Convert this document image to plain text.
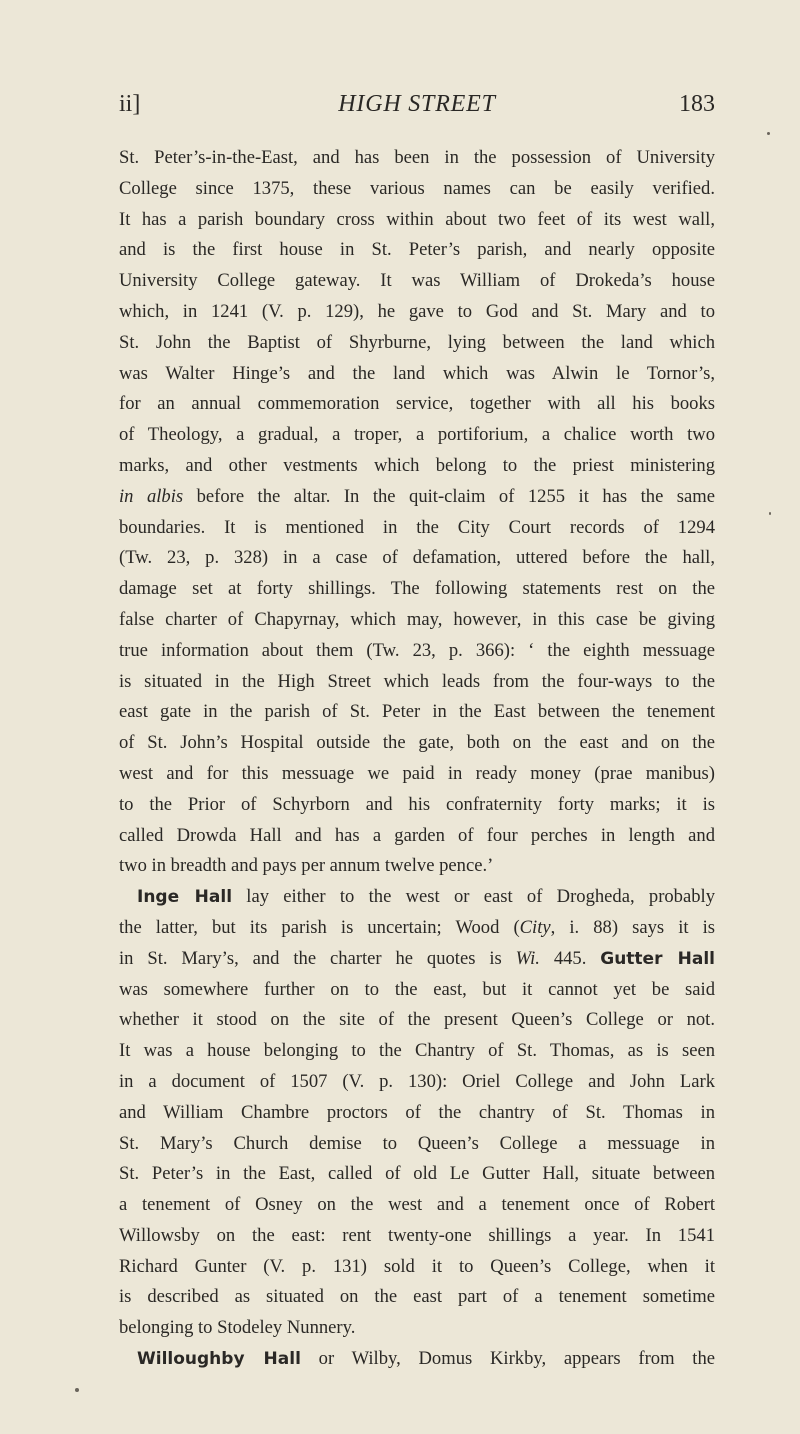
ii]	HIGH STREET	183
St. Peter’s-in-the-East, and has been in the possession of University
College since 1375, these various names can be easily verified.
It has a parish boundary cross within about two feet of its west wall,
and is the first house in St. Peter’s parish, and nearly opposite
University College gateway. It was William of Drokeda’s house
which, in 1241 (V. p. 129), he gave to God and St. Mary and to
St. John the Baptist of Shyrburne, lying between the land which
was Walter Hinge’s and the land which was Alwin le Tornor’s,
for an annual commemoration service, together with all his books
of Theology, a gradual, a troper, a portiforium, a chalice worth two
marks, and other vestments which belong to the priest ministering
in albis before the altar. In the quit-claim of 1255 it has the same
boundaries. It is mentioned in the City Court records of 1294
(Tw. 23, p. 328) in a case of defamation, uttered before the hall,
damage set at forty shillings. The following statements rest on the
false charter of Chapyrnay, which may, however, in this case be giving
true information about them (Tw. 23, p. 366): ‘ the eighth messuage
is situated in the High Street which leads from the four-ways to the
east gate in the parish of St. Peter in the East between the tenement
of St. John’s Hospital outside the gate, both on the east and on the
west and for this messuage we paid in ready money (prae manibus)
to the Prior of Schyrborn and his confraternity forty marks; it is
called Drowda Hall and has a garden of four perches in length and
two in breadth and pays per annum twelve pence.’
Inge Hall lay either to the west or east of Drogheda, probably
the latter, but its parish is uncertain; Wood (City, i. 88) says it is
in St. Mary’s, and the charter he quotes is Wi. 445. Gutter Hall
was somewhere further on to the east, but it cannot yet be said
whether it stood on the site of the present Queen’s College or not.
It was a house belonging to the Chantry of St. Thomas, as is seen
in a document of 1507 (V. p. 130): Oriel College and John Lark
and William Chambre proctors of the chantry of St. Thomas in
St. Mary’s Church demise to Queen’s College a messuage in
St. Peter’s in the East, called of old Le Gutter Hall, situate between
a tenement of Osney on the west and a tenement once of Robert
Willowsby on the east: rent twenty-one shillings a year. In 1541
Richard Gunter (V. p. 131) sold it to Queen’s College, when it
is described as situated on the east part of a tenement sometime
belonging to Stodeley Nunnery.
Willoughby Hall or Wilby, Domus Kirkby, appears from the
